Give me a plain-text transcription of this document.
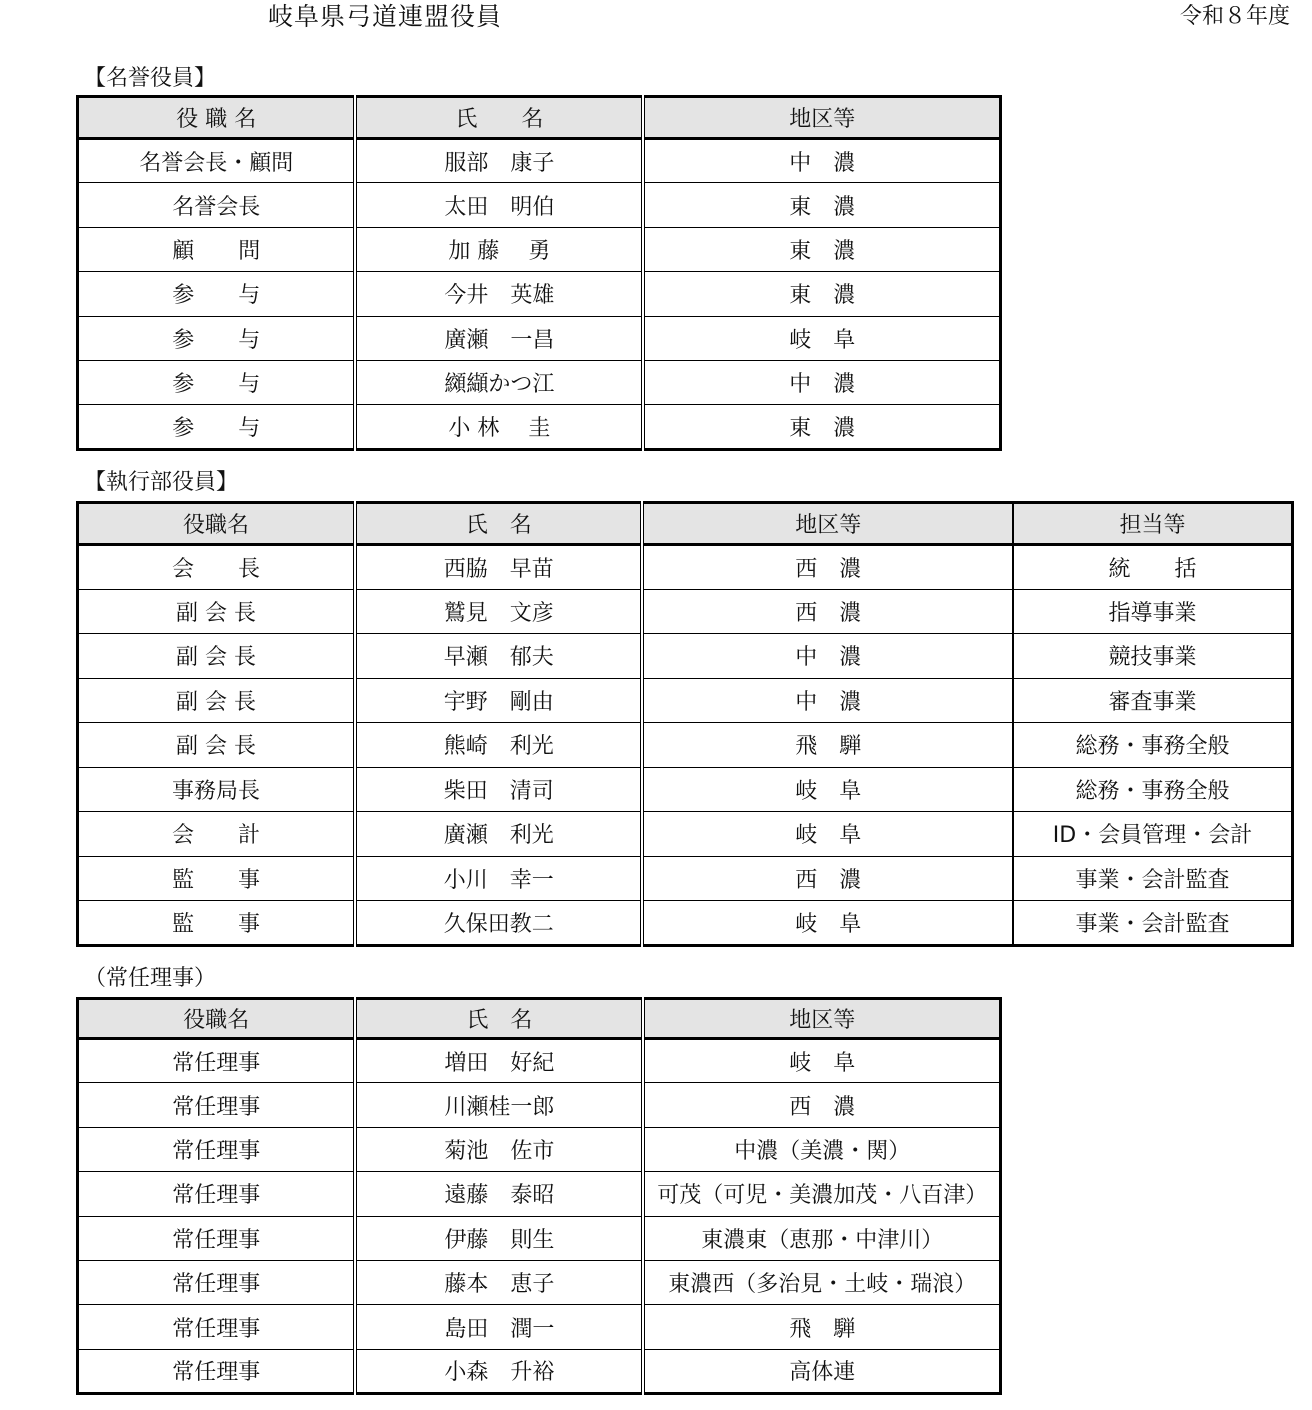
岐阜県弓道連盟役員	令和８年度
【名誉役員】
役 職 名	氏　　名	地区等
名誉会長・顧問	服部　康子	中　濃
名誉会長	太田　明伯	東　濃
顧　　問	加 藤　 勇	東　濃
参　　与	今井　英雄	東　濃
参　　与	廣瀬　一昌	岐　阜
参　　与	纐纈かつ江	中　濃
参　　与	小 林　 圭	東　濃
【執行部役員】
役職名	氏　名	地区等	担当等
会　　長	西脇　早苗	西　濃	統　　括
副 会 長	鷲見　文彦	西　濃	指導事業
副 会 長	早瀬　郁夫	中　濃	競技事業
副 会 長	宇野　剛由	中　濃	審査事業
副 会 長	熊崎　利光	飛　騨	総務・事務全般
事務局長	柴田　清司	岐　阜	総務・事務全般
会　　計	廣瀬　利光	岐　阜	ID・会員管理・会計
監　　事	小川　幸一	西　濃	事業・会計監査
監　　事	久保田教二	岐　阜	事業・会計監査
（常任理事）
役職名	氏　名	地区等
常任理事	増田　好紀	岐　阜
常任理事	川瀬桂一郎	西　濃
常任理事	菊池　佐市	中濃（美濃・関）
常任理事	遠藤　泰昭	可茂（可児・美濃加茂・八百津）
常任理事	伊藤　則生	東濃東（恵那・中津川）
常任理事	藤本　恵子	東濃西（多治見・土岐・瑞浪）
常任理事	島田　潤一	飛　騨
常任理事	小森　升裕	高体連
